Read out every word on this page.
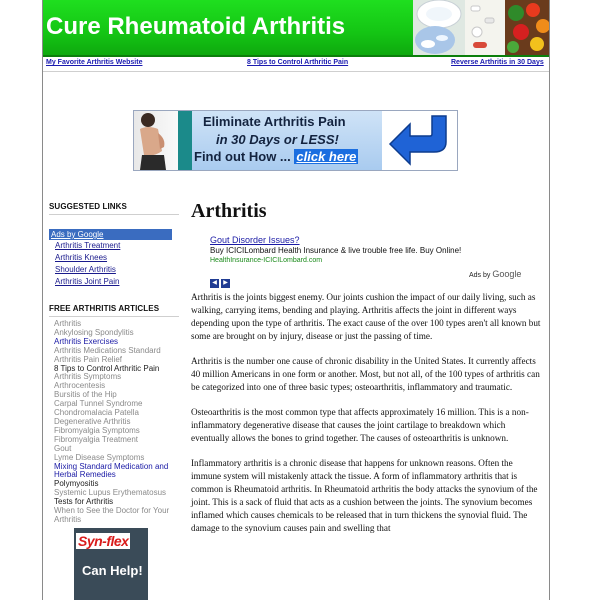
Cure Rheumatoid Arthritis
My Favorite Arthritis Website	8 Tips to Control Arthritic Pain	Reverse Arthritis in 30 Days
Eliminate Arthritis Pain
in 30 Days or LESS!
Find out How ... click here
SUGGESTED LINKS
Ads by Google
Arthritis Treatment
Arthritis Knees
Shoulder Arthritis
Arthritis Joint Pain
FREE ARTHRITIS ARTICLES
Arthritis
Ankylosing Spondylitis
Arthritis Exercises
Arthritis Medications Standard
Arthritis Pain Relief
8 Tips to Control Arthritic Pain
Arthritis Symptoms
Arthrocentesis
Bursitis of the Hip
Carpal Tunnel Syndrome
Chondromalacia Patella
Degenerative Arthritis
Fibromyalgia Symptoms
Fibromyalgia Treatment
Gout
Lyme Disease Symptoms
Mixing Standard Medication and
Herbal Remedies
Polymyositis
Systemic Lupus Erythematosus
Tests for Arthritis
When to See the Doctor for Your
Arthritis
Syn-flex
Can Help!
Arthritis
Gout Disorder Issues?
Buy ICICILombard Health Insurance & live trouble free life. Buy Online!
HealthInsurance-ICICILombard.com
◀ ▶
Ads by Google

Arthritis is the joints biggest enemy. Our joints cushion the impact of our daily living, such as walking, carrying items, bending and playing. Arthritis affects the joint in different ways depending upon the type of arthritis. The exact cause of the over 100 types aren't all known but some are brought on by injury, disease or just the passing of time.

Arthritis is the number one cause of chronic disability in the United States. It currently affects 40 million Americans in one form or another. Most, but not all, of the 100 types of arthritis can be categorized into one of three basic types; osteoarthritis, inflammatory and traumatic.

Osteoarthritis is the most common type that affects approximately 16 million. This is a non-inflammatory degenerative disease that causes the joint cartilage to breakdown which eventually allows the bones to grind together. The causes of osteoarthritis is unknown.

Inflammatory arthritis is a chronic disease that happens for unknown reasons. Often the immune system will mistakenly attack the tissue. A form of inflammatory arthritis that is common is Rheumatoid arthritis. In Rheumatoid arthritis the body attacks the synovium of the joint. This is a sack of fluid that acts as a cushion between the joints. The synovium becomes inflamed which causes chemicals to be released that in turn thickens the synovial fluid. The damage to the synovium causes pain and swelling that
